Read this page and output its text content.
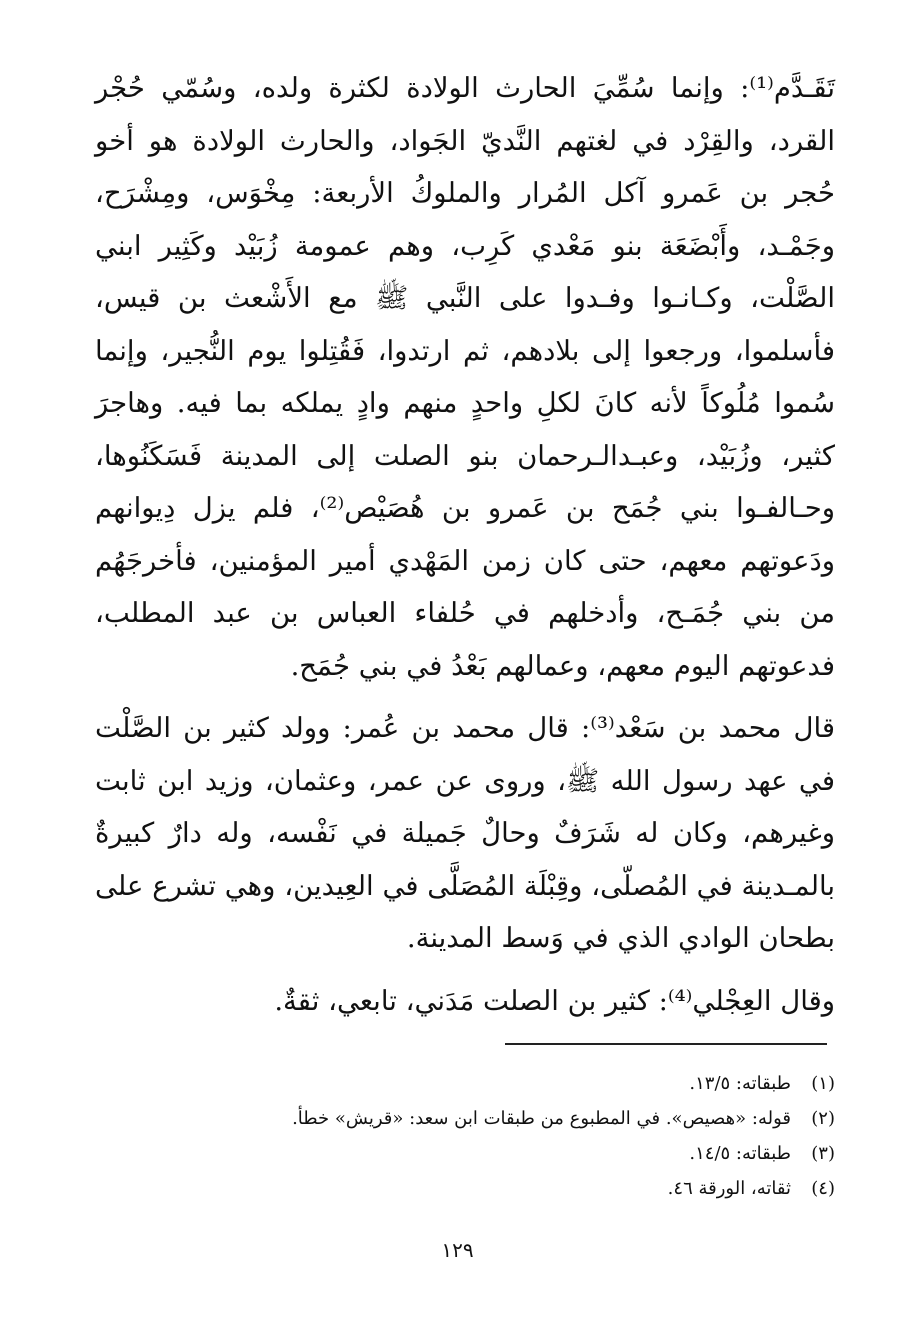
تَقَـدَّم⁽¹⁾: وإنما سُمِّيَ الحارث الولادة لكثرة ولده، وسُمّي حُجْر القرد، والقِرْد في لغتهم النَّديّ الجَواد، والحارث الولادة هو أخو حُجر بن عَمرو آكل المُرار والملوكُ الأربعة: مِخْوَس، ومِشْرَح، وجَمْـد، وأَبْضَعَة بنو مَعْدي كَرِب، وهم عمومة زُبَيْد وكَثِير ابني الصَّلْت، وكـانـوا وفـدوا على النَّبي ﷺ مع الأَشْعث بن قيس، فأسلموا، ورجعوا إلى بلادهم، ثم ارتدوا، فَقُتِلوا يوم النُّجير، وإنما سُموا مُلُوكاً لأنه كانَ لكلِ واحدٍ منهم وادٍ يملكه بما فيه. وهاجرَ كثير، وزُبَيْد، وعبـدالـرحمان بنو الصلت إلى المدينة فَسَكَنُوها، وحـالفـوا بني جُمَح بن عَمرو بن هُصَيْص⁽²⁾، فلم يزل دِيوانهم ودَعوتهم معهم، حتى كان زمن المَهْدي أمير المؤمنين، فأخرجَهُم من بني جُمَـح، وأدخلهم في حُلفاء العباس بن عبد المطلب، فدعوتهم اليوم معهم، وعمالهم بَعْدُ في بني جُمَح.

قال محمد بن سَعْد⁽³⁾: قال محمد بن عُمر: وولد كثير بن الصَّلْت في عهد رسول الله ﷺ، وروى عن عمر، وعثمان، وزيد ابن ثابت وغيرهم، وكان له شَرَفٌ وحالٌ جَميلة في نَفْسه، وله دارٌ كبيرةٌ بالمـدينة في المُصلّى، وقِبْلَة المُصَلَّى في العِيدين، وهي تشرع على بطحان الوادي الذي في وَسط المدينة.

وقال العِجْلي⁽⁴⁾: كثير بن الصلت مَدَني، تابعي، ثقةٌ.

(١)طبقاته: ١٣/٥.

(٢)قوله: «هصيص». في المطبوع من طبقات ابن سعد: «قريش» خطأ.

(٣)طبقاته: ١٤/٥.

(٤)ثقاته، الورقة ٤٦.

١٢٩
